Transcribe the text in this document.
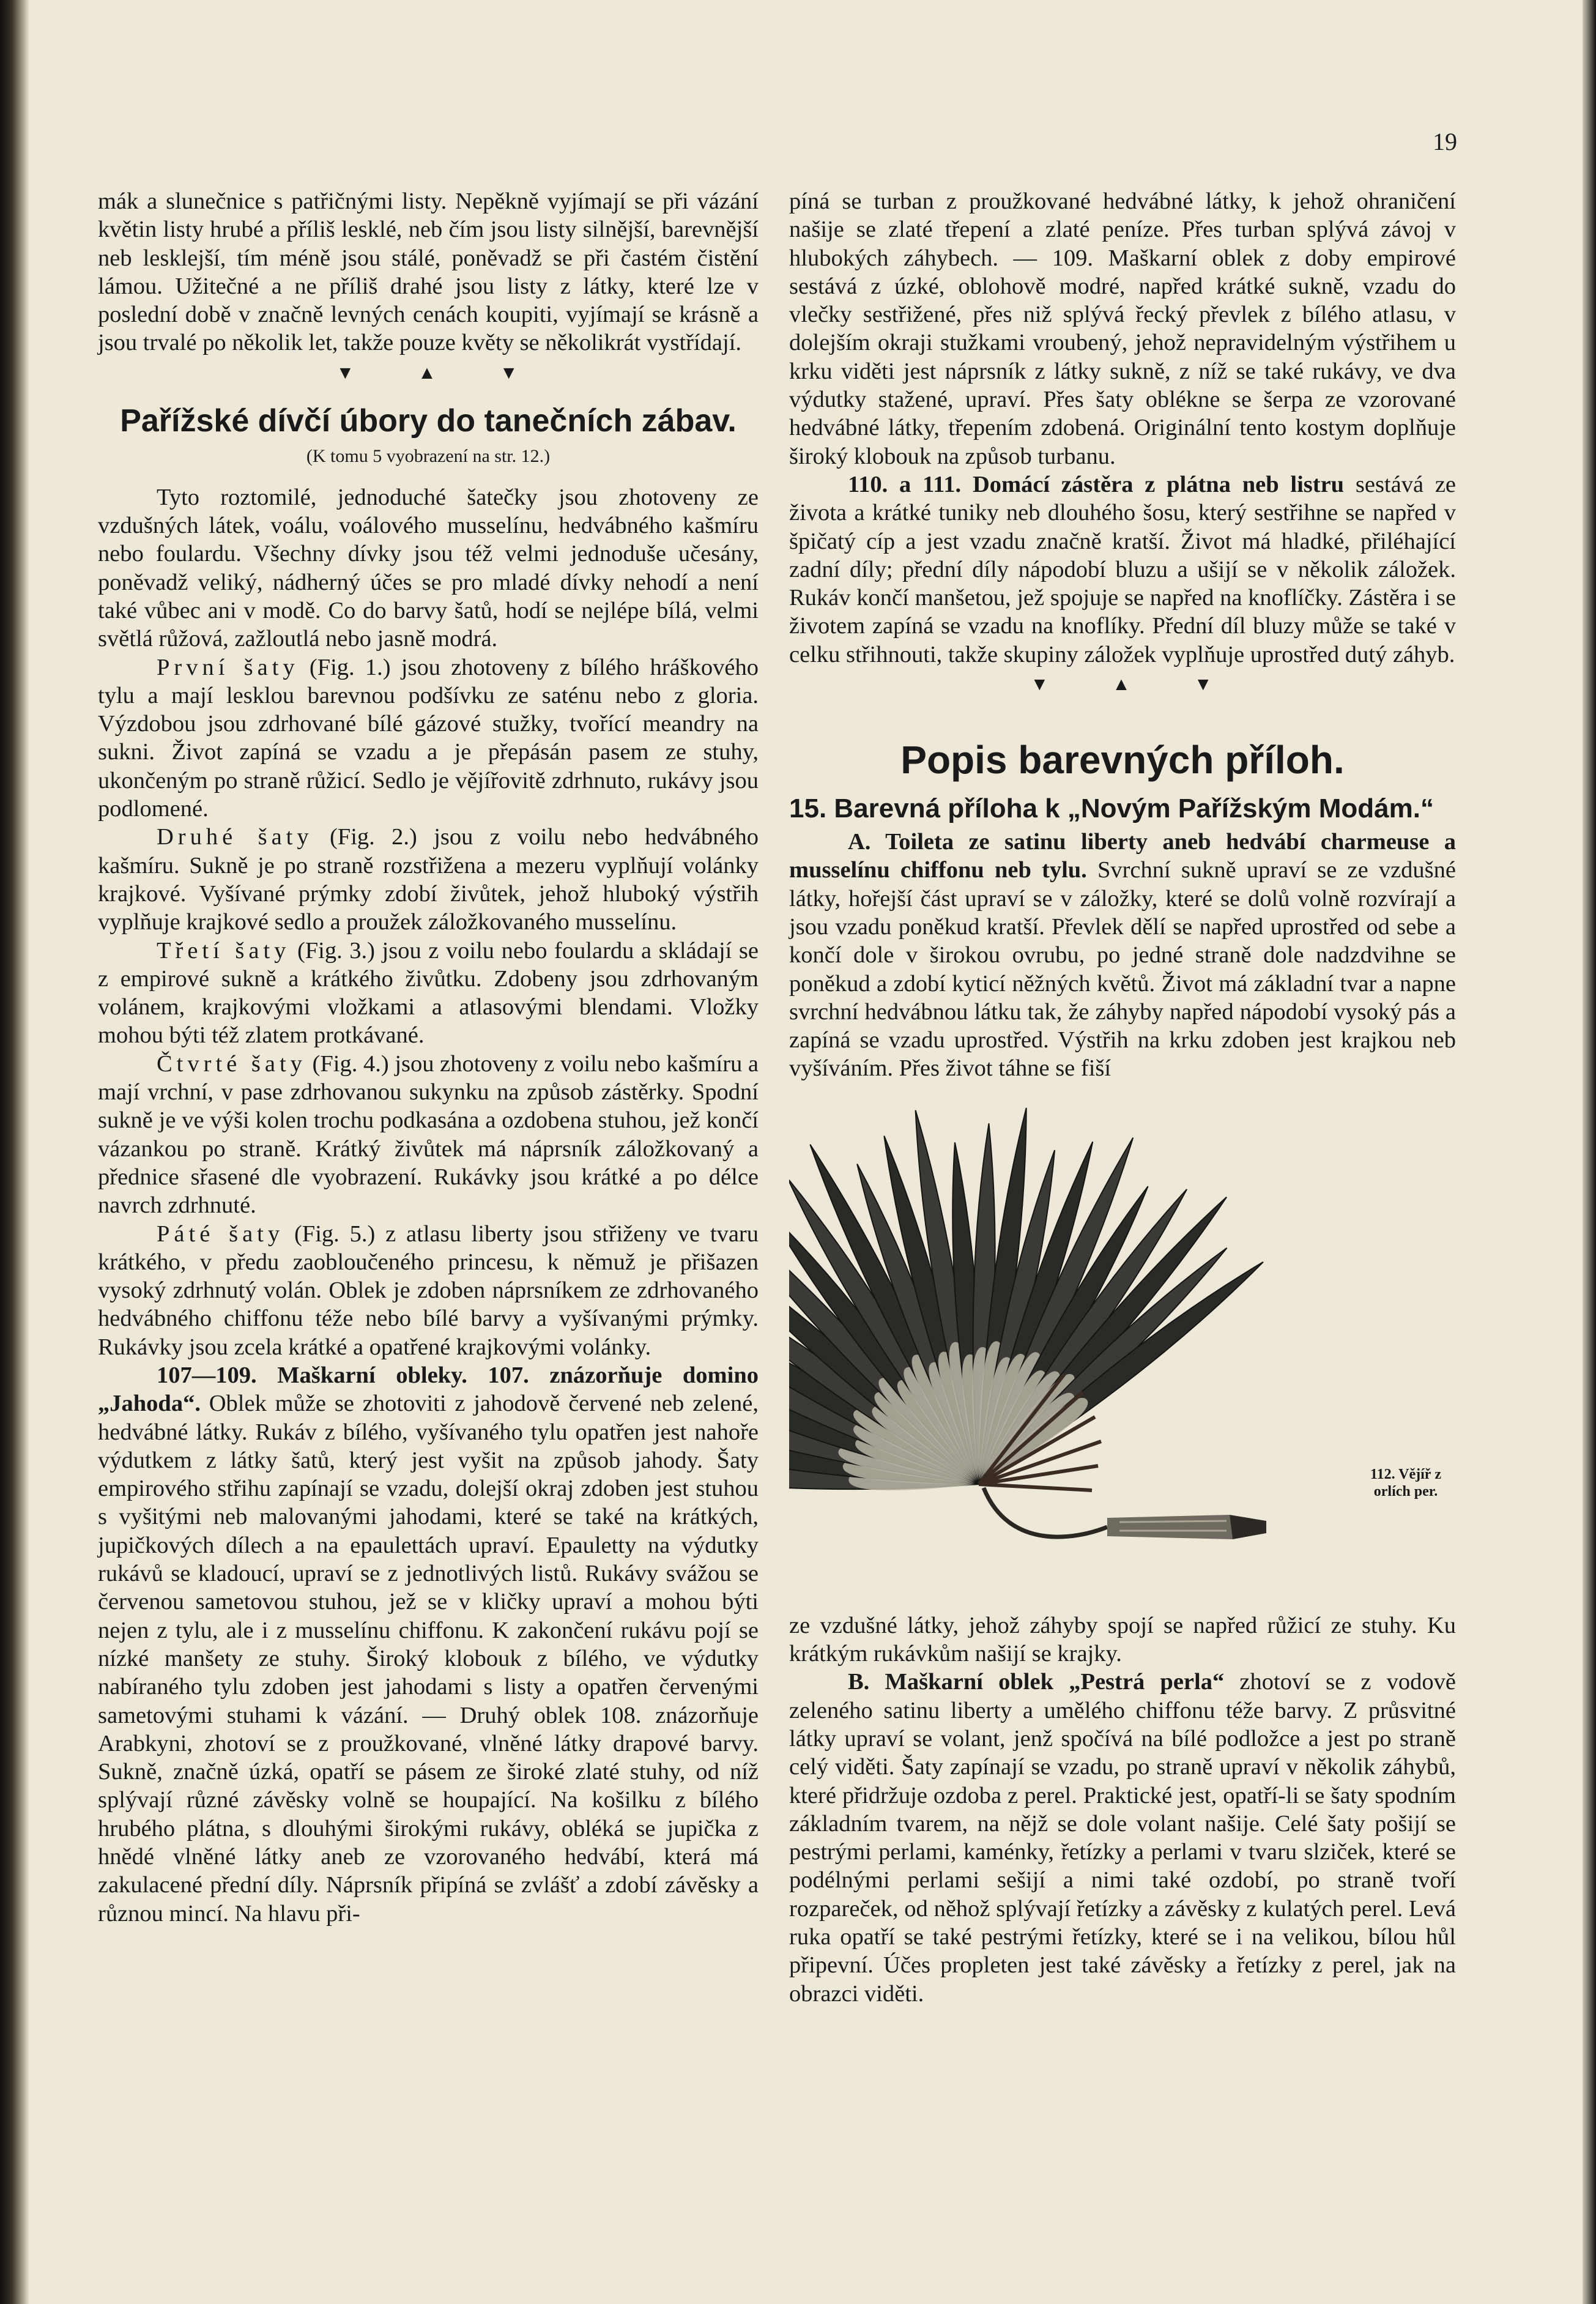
19

mák a slunečnice s patřičnými listy. Nepěkně vyjímají se při vázání květin listy hrubé a příliš lesklé, neb čím jsou listy silnější, barevnější neb lesklejší, tím méně jsou stálé, poněvadž se při častém čistění lámou. Užitečné a ne příliš drahé jsou listy z látky, které lze v poslední době v značně levných cenách koupiti, vyjímají se krásně a jsou trvalé po několik let, takže pouze květy se několikrát vystřídají.

▼	▲	▼
Pařížské dívčí úbory do tanečních zábav.
(K tomu 5 vyobrazení na str. 12.)

Tyto roztomilé, jednoduché šatečky jsou zhotoveny ze vzdušných látek, voálu, voálového musselínu, hedvábného kašmíru nebo foulardu. Všechny dívky jsou též velmi jednoduše učesány, poněvadž veliký, nádherný účes se pro mladé dívky nehodí a není také vůbec ani v modě. Co do barvy šatů, hodí se nejlépe bílá, velmi světlá růžová, zažloutlá nebo jasně modrá.

První šaty (Fig. 1.) jsou zhotoveny z bílého hráškového tylu a mají lesklou barevnou podšívku ze saténu nebo z gloria. Výzdobou jsou zdrhované bílé gázové stužky, tvořící meandry na sukni. Život zapíná se vzadu a je přepásán pasem ze stuhy, ukončeným po straně růžicí. Sedlo je vějířovitě zdrhnuto, rukávy jsou podlomené.

Druhé šaty (Fig. 2.) jsou z voilu nebo hedvábného kašmíru. Sukně je po straně rozstřižena a mezeru vyplňují volánky krajkové. Vyšívané prýmky zdobí živůtek, jehož hluboký výstřih vyplňuje krajkové sedlo a proužek záložkovaného musselínu.

Třetí šaty (Fig. 3.) jsou z voilu nebo foulardu a skládají se z empirové sukně a krátkého živůtku. Zdobeny jsou zdrhovaným volánem, krajkovými vložkami a atlasovými blendami. Vložky mohou býti též zlatem protkávané.

Čtvrté šaty (Fig. 4.) jsou zhotoveny z voilu nebo kašmíru a mají vrchní, v pase zdrhovanou sukynku na způsob zástěrky. Spodní sukně je ve výši kolen trochu podkasána a ozdobena stuhou, jež končí vázankou po straně. Krátký živůtek má náprsník záložkovaný a přednice sřasené dle vyobrazení. Rukávky jsou krátké a po délce navrch zdrhnuté.

Páté šaty (Fig. 5.) z atlasu liberty jsou střiženy ve tvaru krátkého, v předu zaobloučeného princesu, k němuž je přišazen vysoký zdrhnutý volán. Oblek je zdoben náprsníkem ze zdrhovaného hedvábného chiffonu téže nebo bílé barvy a vyšívanými prýmky. Rukávky jsou zcela krátké a opatřené krajkovými volánky.

107—109. Maškarní obleky. 107. znázorňuje domino „Jahoda“. Oblek může se zhotoviti z jahodově červené neb zelené, hedvábné látky. Rukáv z bílého, vyšívaného tylu opatřen jest nahoře výdutkem z látky šatů, který jest vyšit na způsob jahody. Šaty empirového střihu zapínají se vzadu, dolejší okraj zdoben jest stuhou s vyšitými neb malovanými jahodami, které se také na krátkých, jupičkových dílech a na epaulettách upraví. Epauletty na výdutky rukávů se kladoucí, upraví se z jednotlivých listů. Rukávy svážou se červenou sametovou stuhou, jež se v kličky upraví a mohou býti nejen z tylu, ale i z musselínu chiffonu. K zakončení rukávu pojí se nízké manšety ze stuhy. Široký klobouk z bílého, ve výdutky nabíraného tylu zdoben jest jahodami s listy a opatřen červenými sametovými stuhami k vázání. — Druhý oblek 108. znázorňuje Arabkyni, zhotoví se z proužkované, vlněné látky drapové barvy. Sukně, značně úzká, opatří se pásem ze široké zlaté stuhy, od níž splývají různé závěsky volně se houpající. Na košilku z bílého hrubého plátna, s dlouhými širokými rukávy, obléká se jupička z hnědé vlněné látky aneb ze vzorovaného hedvábí, která má zakulacené přední díly. Náprsník připíná se zvlášť a zdobí závěsky a různou mincí. Na hlavu při-

píná se turban z proužkované hedvábné látky, k jehož ohraničení našije se zlaté třepení a zlaté peníze. Přes turban splývá závoj v hlubokých záhybech. — 109. Maškarní oblek z doby empirové sestává z úzké, oblohově modré, napřed krátké sukně, vzadu do vlečky sestřižené, přes niž splývá řecký převlek z bílého atlasu, v dolejším okraji stužkami vroubený, jehož nepravidelným výstřihem u krku viděti jest náprsník z látky sukně, z níž se také rukávy, ve dva výdutky stažené, upraví. Přes šaty oblékne se šerpa ze vzorované hedvábné látky, třepením zdobená. Originální tento kostym doplňuje široký klobouk na způsob turbanu.

110. a 111. Domácí zástěra z plátna neb listru sestává ze života a krátké tuniky neb dlouhého šosu, který sestřihne se napřed v špičatý cíp a jest vzadu značně kratší. Život má hladké, přiléhající zadní díly; přední díly nápodobí bluzu a ušijí se v několik záložek. Rukáv končí manšetou, jež spojuje se napřed na knoflíčky. Zástěra i se životem zapíná se vzadu na knoflíky. Přední díl bluzy může se také v celku střihnouti, takže skupiny záložek vyplňuje uprostřed dutý záhyb.

▼	▲	▼
Popis barevných příloh.
15. Barevná příloha k „Novým Pařížským Modám.“

A. Toileta ze satinu liberty aneb hedvábí charmeuse a musselínu chiffonu neb tylu. Svrchní sukně upraví se ze vzdušné látky, hořejší část upraví se v záložky, které se dolů volně rozvírají a jsou vzadu poněkud kratší. Převlek dělí se napřed uprostřed od sebe a končí dole v širokou ovrubu, po jedné straně dole nadzdvihne se poněkud a zdobí kyticí něžných květů. Život má základní tvar a napne svrchní hedvábnou látku tak, že záhyby napřed nápodobí vysoký pás a zapíná se vzadu uprostřed. Výstřih na krku zdoben jest krajkou neb vyšíváním. Přes život táhne se fiší

112. Vějíř z orlích per.

ze vzdušné látky, jehož záhyby spojí se napřed růžicí ze stuhy. Ku krátkým rukávkům našijí se krajky.

B. Maškarní oblek „Pestrá perla“ zhotoví se z vodově zeleného satinu liberty a umělého chiffonu téže barvy. Z průsvitné látky upraví se volant, jenž spočívá na bílé podložce a jest po straně celý viděti. Šaty zapínají se vzadu, po straně upraví v několik záhybů, které přidržuje ozdoba z perel. Praktické jest, opatří-li se šaty spodním základním tvarem, na nějž se dole volant našije. Celé šaty pošijí se pestrými perlami, kaménky, řetízky a perlami v tvaru slziček, které se podélnými perlami sešijí a nimi také ozdobí, po straně tvoří rozpareček, od něhož splývají řetízky a závěsky z kulatých perel. Levá ruka opatří se také pestrými řetízky, které se i na velikou, bílou hůl připevní. Účes propleten jest také závěsky a řetízky z perel, jak na obrazci viděti.
